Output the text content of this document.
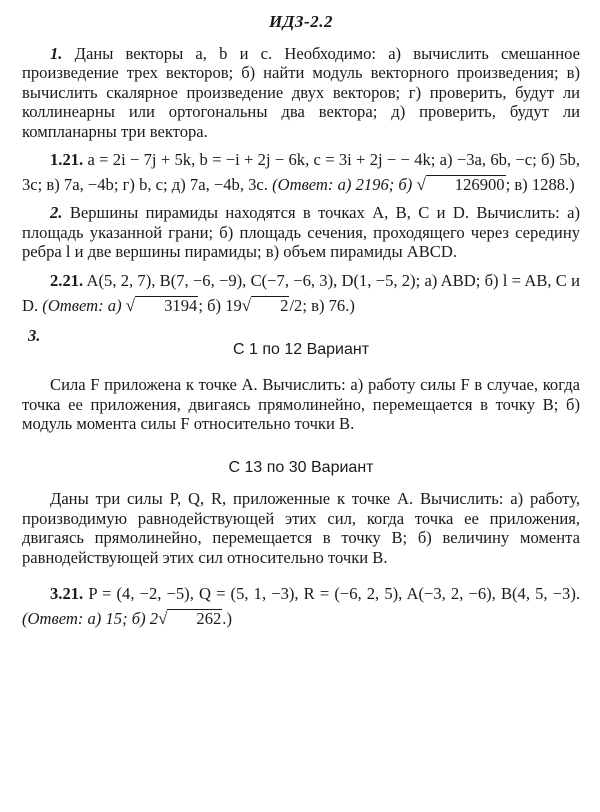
ИДЗ-2.2

1. Даны векторы a, b и c. Необходимо: а) вычислить смешанное произведение трех векторов; б) найти модуль векторного произведения; в) вычислить скалярное произведение двух векторов; г) проверить, будут ли коллинеарны или ортогональны два вектора; д) проверить, будут ли компланарны три вектора.

1.21. a = 2i − 7j + 5k, b = −i + 2j − 6k, c = 3i + 2j − − 4k; а) −3a, 6b, −c; б) 5b, 3c; в) 7a, −4b; г) b, c; д) 7a, −4b, 3c. (Ответ: а) 2196; б) √ 126900; в) 1288.)

2. Вершины пирамиды находятся в точках A, B, C и D. Вычислить: а) площадь указанной грани; б) площадь сечения, проходящего через середину ребра l и две вершины пирамиды; в) объем пирамиды ABCD.

2.21. A(5, 2, 7), B(7, −6, −9), C(−7, −6, 3), D(1, −5, 2); а) ABD; б) l = AB, C и D. (Ответ: а) √ 3194; б) 19√ 2/2; в) 76.)

3.
С 1 по 12 Вариант

Сила F приложена к точке A. Вычислить: а) работу силы F в случае, когда точка ее приложения, двигаясь прямолинейно, перемещается в точку B; б) модуль момента силы F относительно точки B.

С 13 по 30 Вариант

Даны три силы P, Q, R, приложенные к точке A. Вычислить: а) работу, производимую равнодействующей этих сил, когда точка ее приложения, двигаясь прямолинейно, перемещается в точку B; б) величину момента равнодействующей этих сил относительно точки B.

3.21. P = (4, −2, −5), Q = (5, 1, −3), R = (−6, 2, 5), A(−3, 2, −6), B(4, 5, −3). (Ответ: а) 15; б) 2√ 262.)
